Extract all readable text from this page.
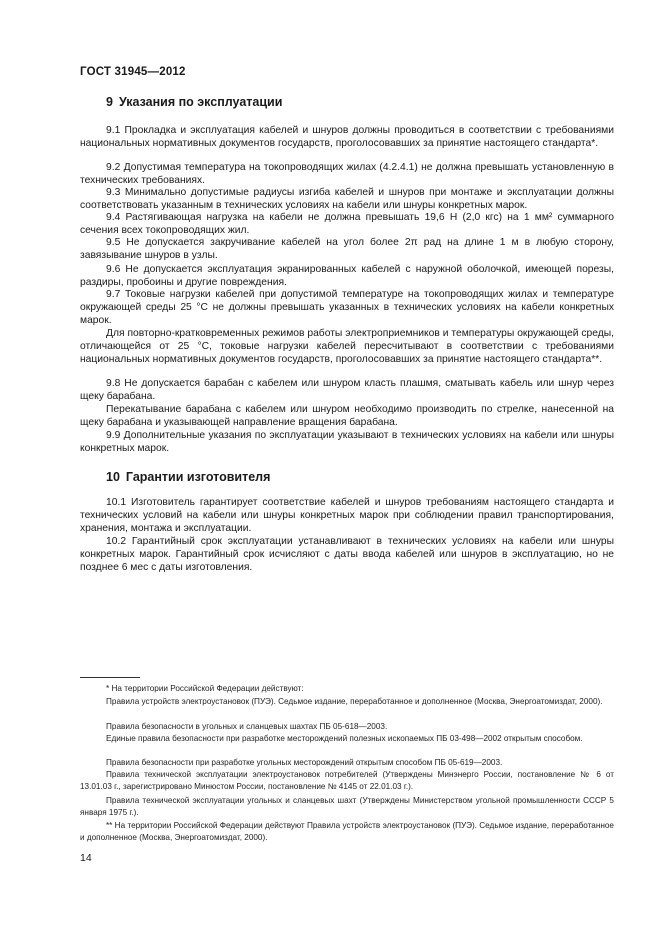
ГОСТ 31945—2012
9 Указания по эксплуатации

9.1 Прокладка и эксплуатация кабелей и шнуров должны проводиться в соответствии с требованиями национальных нормативных документов государств, проголосовавших за принятие настоящего стандарта*.

9.2 Допустимая температура на токопроводящих жилах (4.2.4.1) не должна превышать установленную в технических требованиях.

9.3 Минимально допустимые радиусы изгиба кабелей и шнуров при монтаже и эксплуатации должны соответствовать указанным в технических условиях на кабели или шнуры конкретных марок.

9.4 Растягивающая нагрузка на кабели не должна превышать 19,6 Н (2,0 кгс) на 1 мм² суммарного сечения всех токопроводящих жил.

9.5 Не допускается закручивание кабелей на угол более 2π рад на длине 1 м в любую сторону, завязывание шнуров в узлы.

9.6 Не допускается эксплуатация экранированных кабелей с наружной оболочкой, имеющей порезы, раздиры, пробоины и другие повреждения.

9.7 Токовые нагрузки кабелей при допустимой температуре на токопроводящих жилах и температуре окружающей среды 25 °С не должны превышать указанных в технических условиях на кабели конкретных марок.

Для повторно-кратковременных режимов работы электроприемников и температуры окружающей среды, отличающейся от 25 °С, токовые нагрузки кабелей пересчитывают в соответствии с требованиями национальных нормативных документов государств, проголосовавших за принятие настоящего стандарта**.

9.8 Не допускается барабан с кабелем или шнуром класть плашмя, сматывать кабель или шнур через щеку барабана.

Перекатывание барабана с кабелем или шнуром необходимо производить по стрелке, нанесенной на щеку барабана и указывающей направление вращения барабана.

9.9 Дополнительные указания по эксплуатации указывают в технических условиях на кабели или шнуры конкретных марок.

10 Гарантии изготовителя

10.1 Изготовитель гарантирует соответствие кабелей и шнуров требованиям настоящего стандарта и технических условий на кабели или шнуры конкретных марок при соблюдении правил транспортирования, хранения, монтажа и эксплуатации.

10.2 Гарантийный срок эксплуатации устанавливают в технических условиях на кабели или шнуры конкретных марок. Гарантийный срок исчисляют с даты ввода кабелей или шнуров в эксплуатацию, но не позднее 6 мес с даты изготовления.

* На территории Российской Федерации действуют:

Правила устройств электроустановок (ПУЭ). Седьмое издание, переработанное и дополненное (Москва, Энергоатомиздат, 2000).

Правила безопасности в угольных и сланцевых шахтах ПБ 05-618—2003.

Единые правила безопасности при разработке месторождений полезных ископаемых ПБ 03-498—2002 открытым способом.

Правила безопасности при разработке угольных месторождений открытым способом ПБ 05-619—2003.

Правила технической эксплуатации электроустановок потребителей (Утверждены Минэнерго России, постановление № 6 от 13.01.03 г., зарегистрировано Минюстом России, постановление № 4145 от 22.01.03 г.).

Правила технической эксплуатации угольных и сланцевых шахт (Утверждены Министерством угольной промышленности СССР 5 января 1975 г.).

** На территории Российской Федерации действуют Правила устройств электроустановок (ПУЭ). Седьмое издание, переработанное и дополненное (Москва, Энергоатомиздат, 2000).

14
